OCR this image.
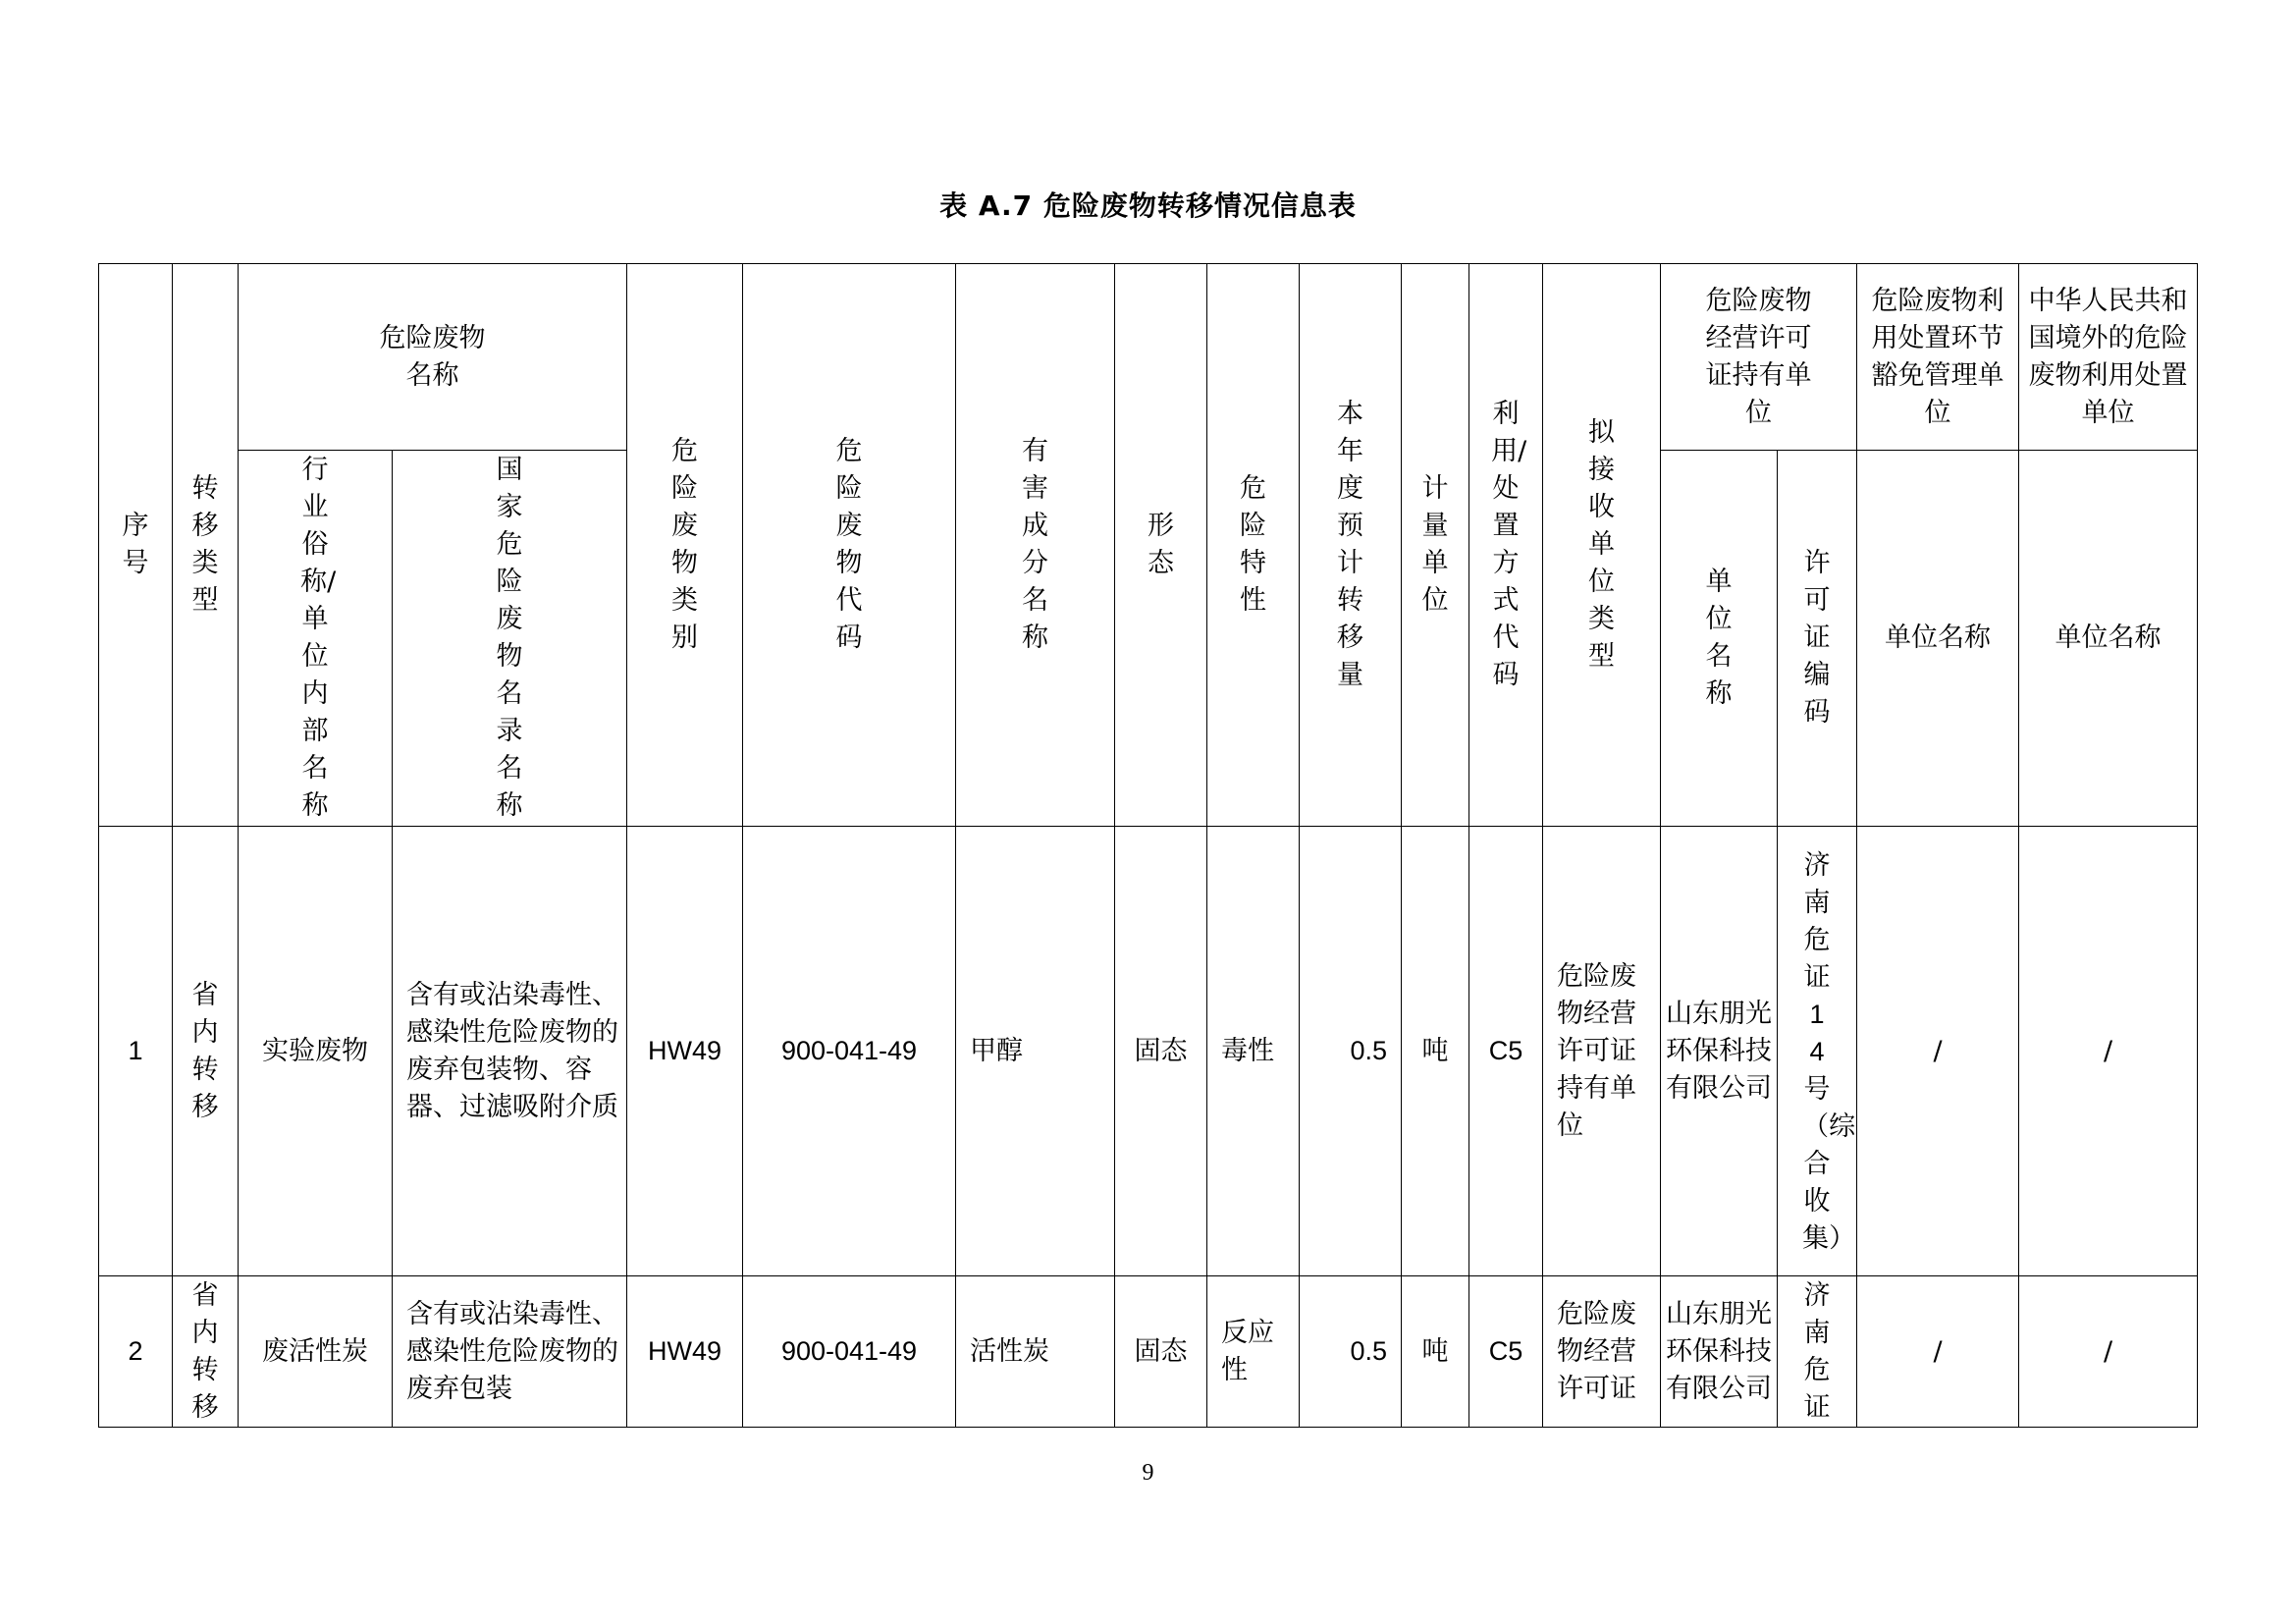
表 A.7 危险废物转移情况信息表
序号	转移类型	危险废物名称		危险废物类别	危险废物代码	有害成分名称	形态	危险特性	本年度预计转移量	计量单位	利用/处置方式代码	拟接收单位类型	危险废物经营许可证持有单位		危险废物利用处置环节豁免管理单位	中华人民共和国境外的危险废物利用处置单位

		行业俗称/单位内部名称	国家危险废物名录名称										单位名称	许可证编码	单位名称	单位名称
1	省内转移	实验废物	含有或沾染毒性、感染性危险废物的废弃包装物、容器、过滤吸附介质	HW49	900-041-49	甲醇	固态	毒性	0.5	吨	C5	危险废物经营许可证持有单位	山东朋光环保科技有限公司	济南危证14号（综合收集）	/	/
2	省内转移	废活性炭	含有或沾染毒性、感染性危险废物的废弃包装	HW49	900-041-49	活性炭	固态	反应性	0.5	吨	C5	危险废物经营许可证	山东朋光环保科技有限公司	济南危证	/	/
9
